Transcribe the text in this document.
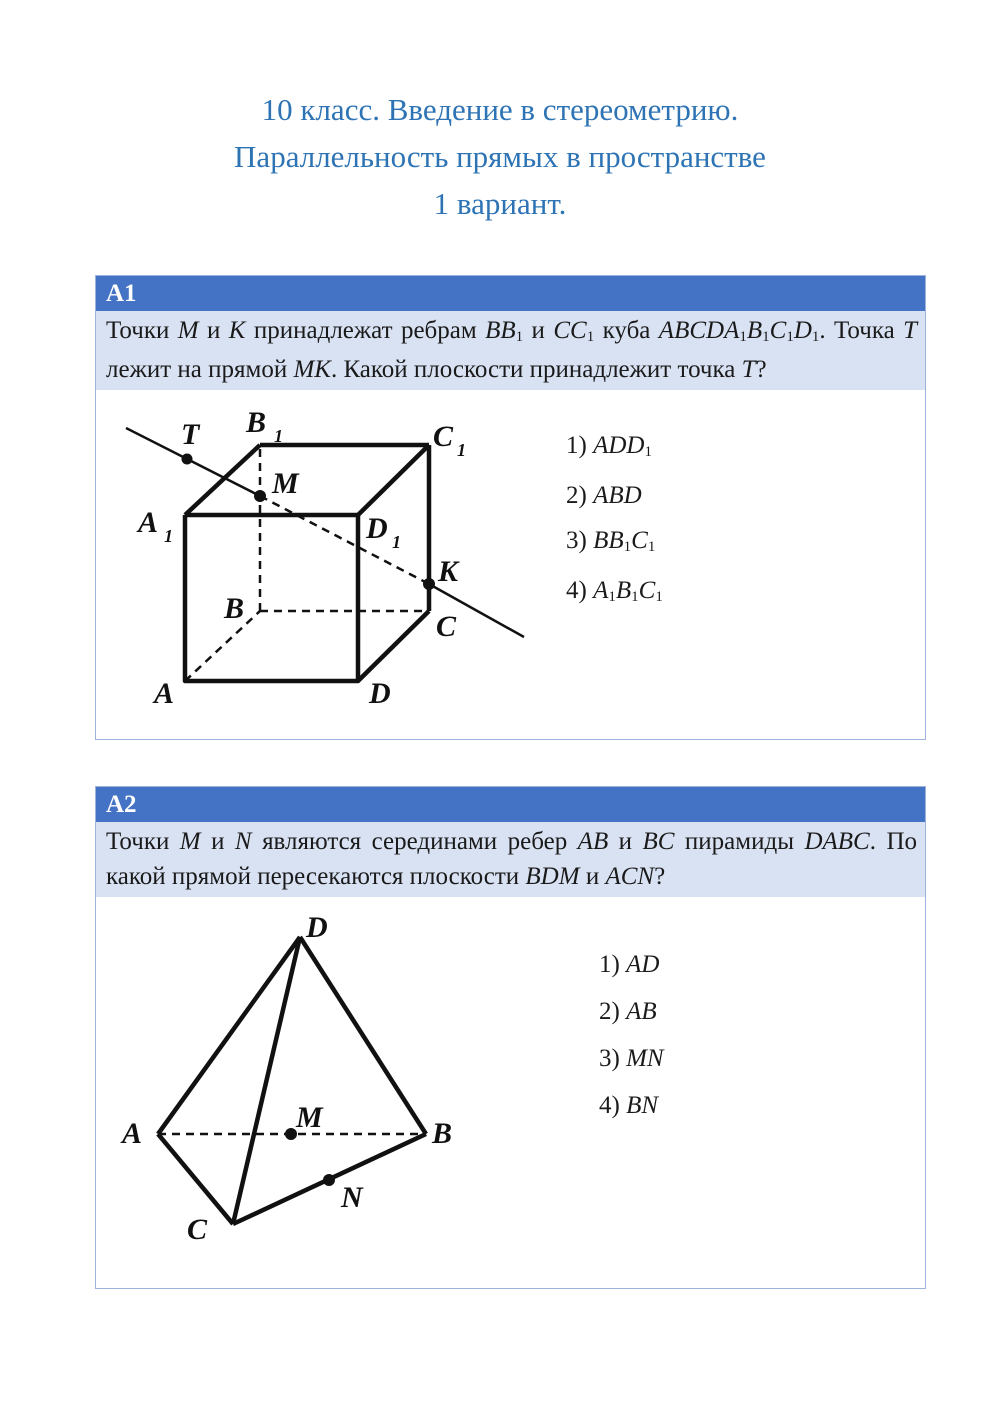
10 класс. Введение в стереометрию.
Параллельность прямых в пространстве
1 вариант.
A1
Точки M и K принадлежат ребрам $BB_1$ и $CC_1$ куба $ABCDA_1B_1C_1D_1$. Точка T лежит на прямой MK. Какой плоскости принадлежит точка T?
T B 1	C 1
M
A 1	D 1
K
B
C
A	D
1) $ADD_1$
2) ABD
3) $BB_1C_1$
4) $A_1B_1C_1$
A2
Точки M и N являются серединами ребер AB и BC пирамиды DABC. По какой прямой пересекаются плоскости BDM и ACN?
D
A	M	B
N
C
1) AD
2) AB
3) MN
4) BN
